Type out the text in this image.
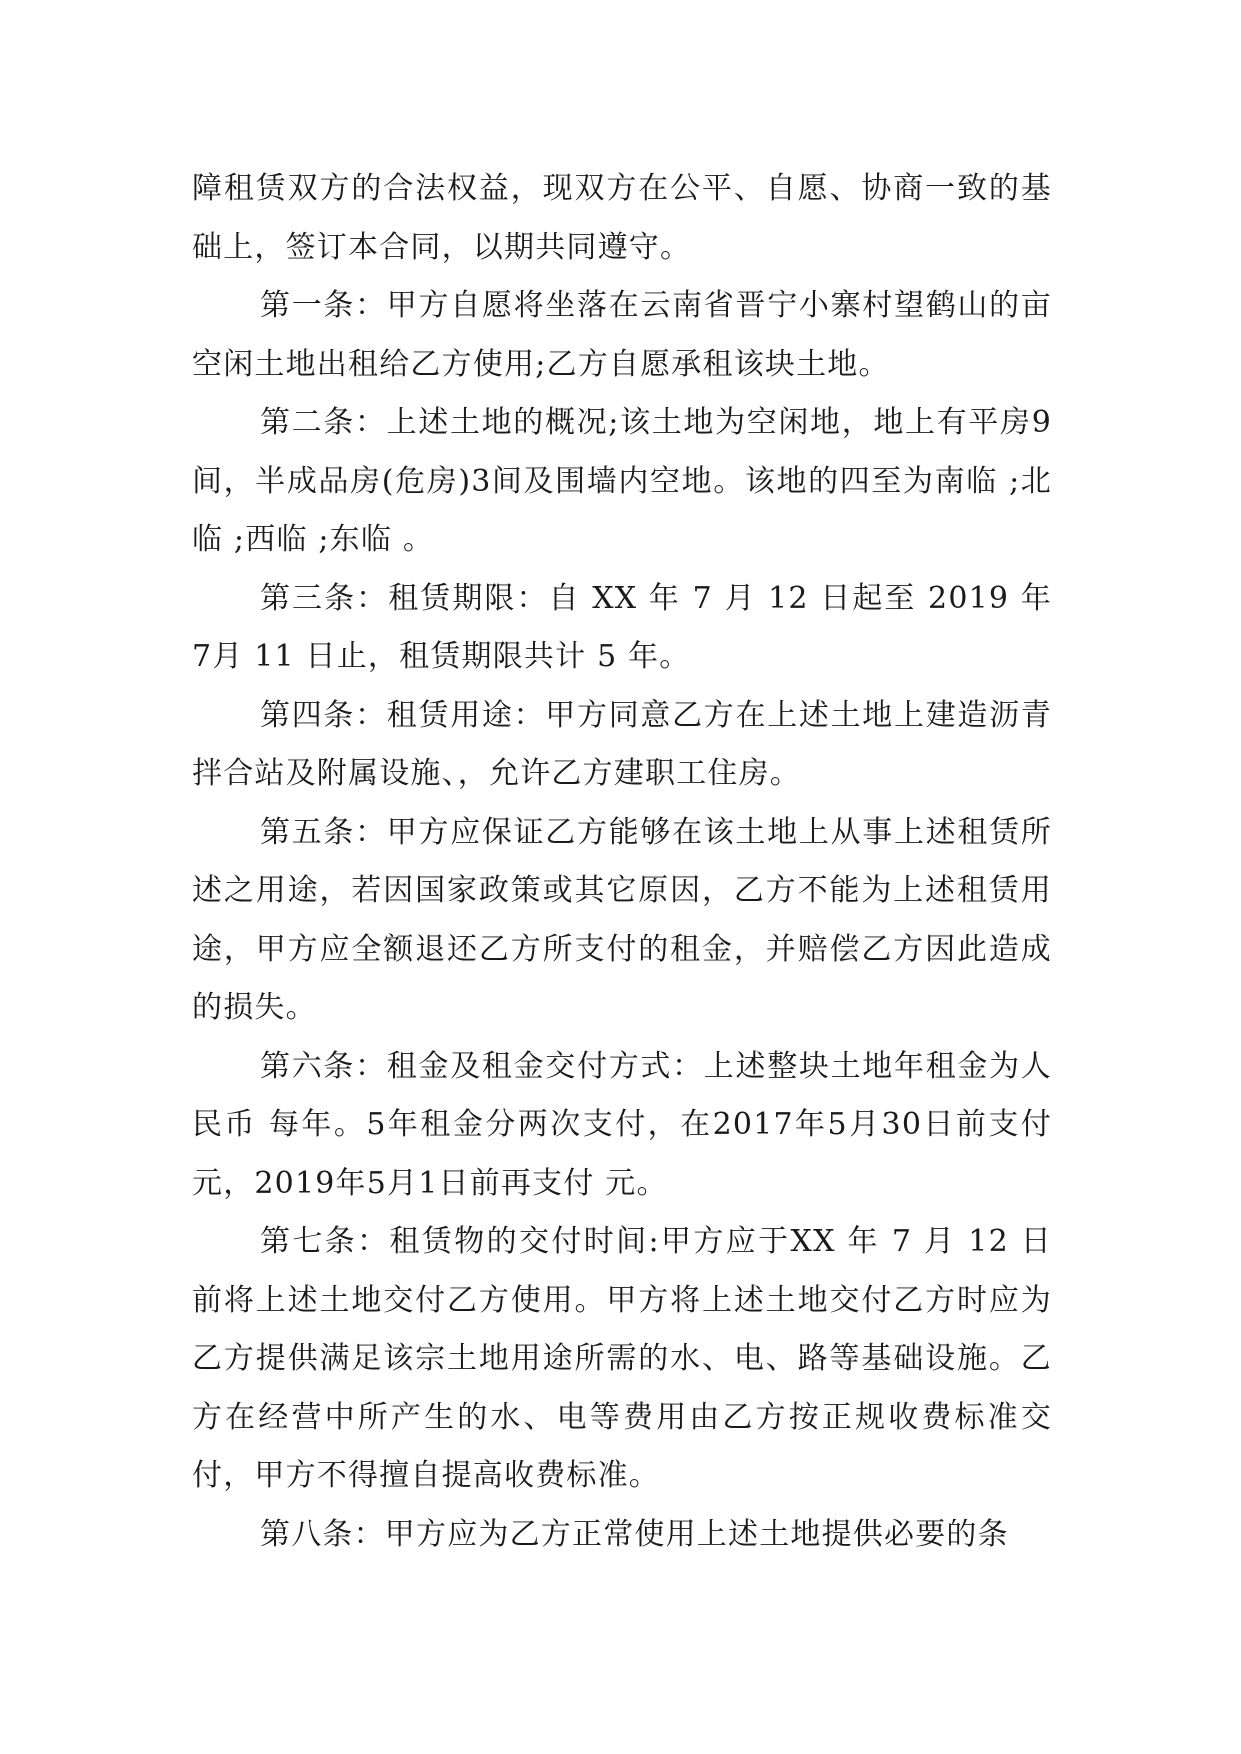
障租赁双方的合法权益，现双方在公平、自愿、协商一致的基础上，签订本合同，以期共同遵守。

第一条：甲方自愿将坐落在云南省晋宁小寨村望鹤山的亩空闲土地出租给乙方使用;乙方自愿承租该块土地。

第二条：上述土地的概况;该土地为空闲地，地上有平房9间，半成品房(危房)3间及围墙内空地。该地的四至为南临 ;北临 ;西临 ;东临 。

第三条：租赁期限：自 XX 年 7 月 12 日起至 2019 年 7月 11 日止，租赁期限共计 5 年。

第四条：租赁用途：甲方同意乙方在上述土地上建造沥青拌合站及附属设施、，允许乙方建职工住房。

第五条：甲方应保证乙方能够在该土地上从事上述租赁所述之用途，若因国家政策或其它原因，乙方不能为上述租赁用途，甲方应全额退还乙方所支付的租金，并赔偿乙方因此造成的损失。

第六条：租金及租金交付方式：上述整块土地年租金为人民币 每年。5年租金分两次支付，在2017年5月30日前支付 元，2019年5月1日前再支付 元。

第七条：租赁物的交付时间:甲方应于XX 年 7 月 12 日前将上述土地交付乙方使用。甲方将上述土地交付乙方时应为乙方提供满足该宗土地用途所需的水、电、路等基础设施。乙方在经营中所产生的水、电等费用由乙方按正规收费标准交付，甲方不得擅自提高收费标准。

第八条：甲方应为乙方正常使用上述土地提供必要的条
